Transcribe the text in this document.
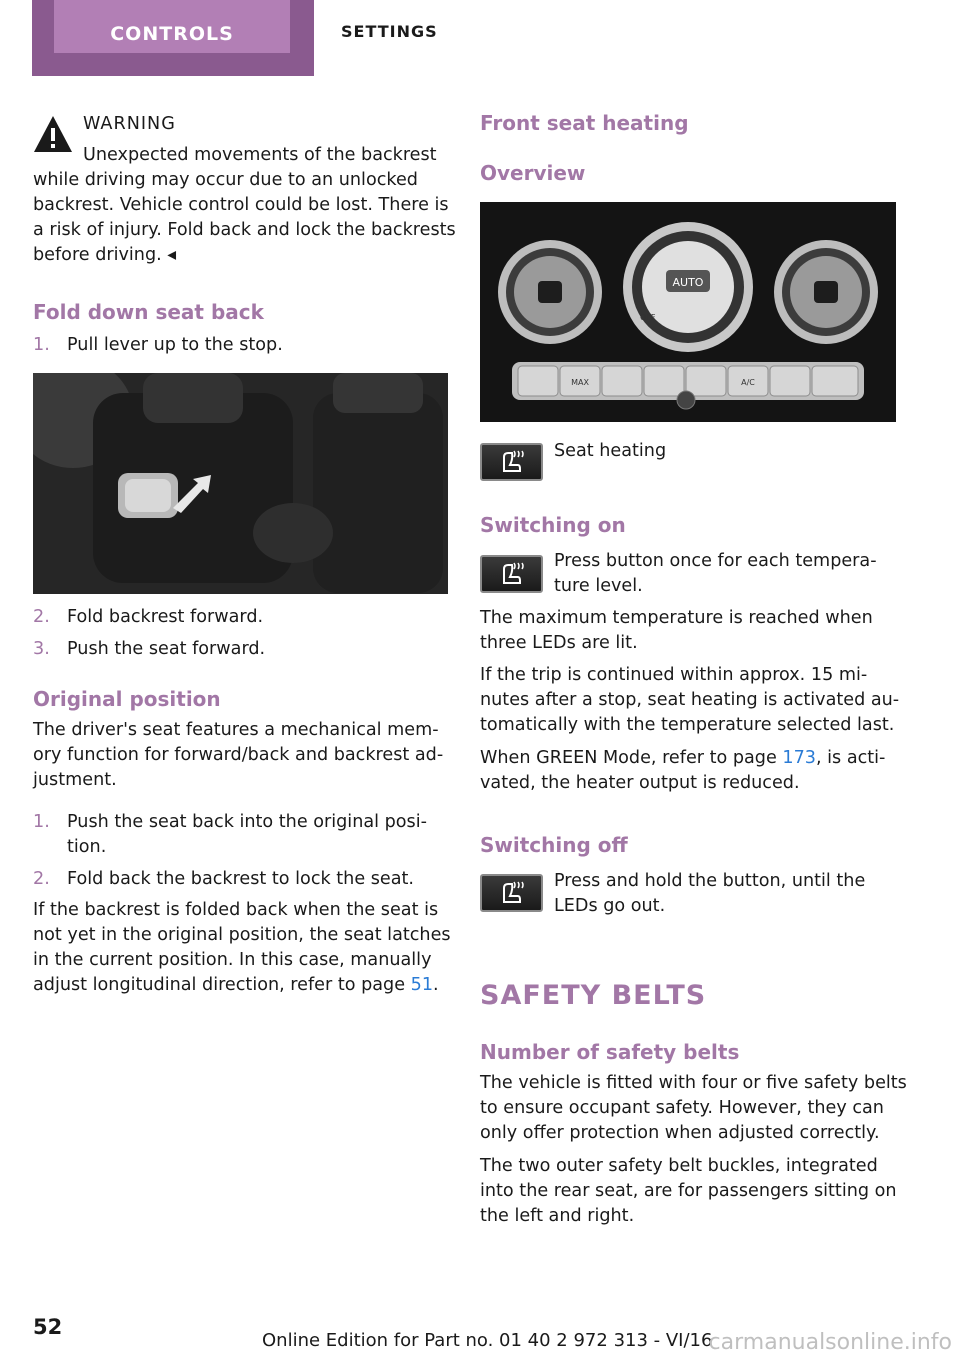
CONTROLS	SETTINGS
WARNING
Unexpected movements of the backrest
while driving may occur due to an unlocked
backrest. Vehicle control could be lost. There is
a risk of injury. Fold back and lock the backrests
before driving. ◂
Fold down seat back
1. Pull lever up to the stop.
2. Fold backrest forward.
3. Push the seat forward.
Original position
The driver's seat features a mechanical mem‐
ory function for forward/back and backrest ad‐
justment.
1. Push the seat back into the original posi‐
tion.
2. Fold back the backrest to lock the seat.
If the backrest is folded back when the seat is
not yet in the original position, the seat latches
in the current position. In this case, manually
adjust longitudinal direction, refer to page 51.
Front seat heating
Overview
AUTO
OFF
MAX	A/C
Seat heating
Switching on
Press button once for each tempera‐
ture level.
The maximum temperature is reached when
three LEDs are lit.
If the trip is continued within approx. 15 mi‐
nutes after a stop, seat heating is activated au‐
tomatically with the temperature selected last.
When GREEN Mode, refer to page 173, is acti‐
vated, the heater output is reduced.
Switching off
Press and hold the button, until the
LEDs go out.
SAFETY BELTS
Number of safety belts
The vehicle is fitted with four or five safety belts
to ensure occupant safety. However, they can
only offer protection when adjusted correctly.
The two outer safety belt buckles, integrated
into the rear seat, are for passengers sitting on
the left and right.
52
Online Edition for Part no. 01 40 2 972 313 - VI/16
carmanualsonline.info
